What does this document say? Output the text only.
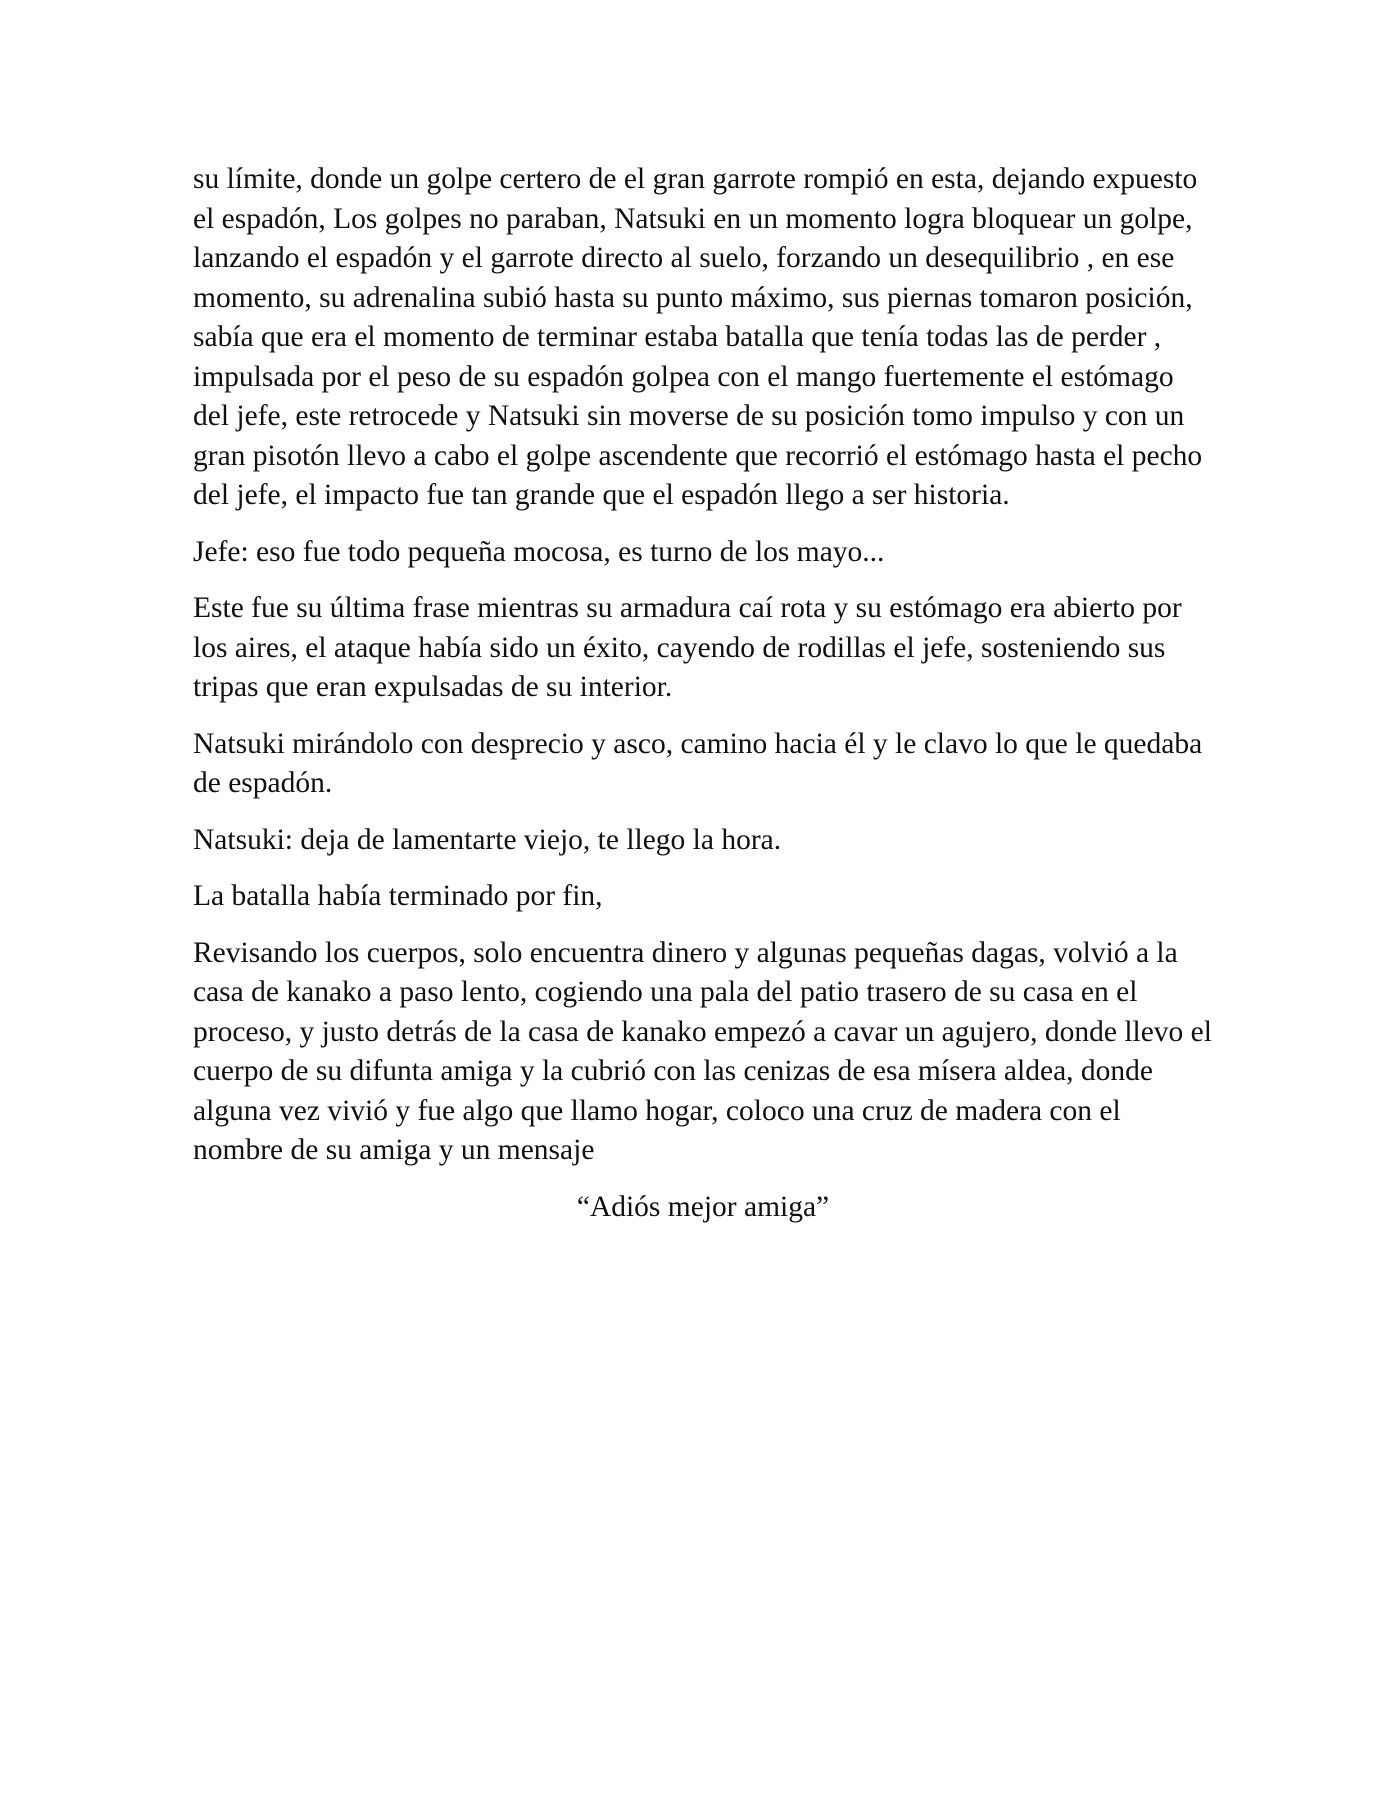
su límite, donde un golpe certero de el gran garrote rompió en esta, dejando expuesto el espadón, Los golpes no paraban, Natsuki en un momento logra bloquear un golpe, lanzando el espadón y el garrote directo al suelo, forzando un desequilibrio , en ese momento, su adrenalina subió hasta su punto máximo, sus piernas tomaron posición, sabía que era el momento de terminar estaba batalla que tenía todas las de perder , impulsada por el peso de su espadón golpea con el mango fuertemente el estómago del jefe, este retrocede y Natsuki sin moverse de su posición tomo impulso y con un gran pisotón llevo a cabo el golpe ascendente que recorrió el estómago hasta el pecho del jefe, el impacto fue tan grande que el espadón llego a ser historia.

Jefe: eso fue todo pequeña mocosa, es turno de los mayo...

Este fue su última frase mientras su armadura caí rota y su estómago era abierto por los aires, el ataque había sido un éxito, cayendo de rodillas el jefe, sosteniendo sus tripas que eran expulsadas de su interior.

Natsuki mirándolo con desprecio y asco, camino hacia él y le clavo lo que le quedaba de espadón.

Natsuki: deja de lamentarte viejo, te llego la hora.

La batalla había terminado por fin,

Revisando los cuerpos, solo encuentra dinero y algunas pequeñas dagas, volvió a la casa de kanako a paso lento, cogiendo una pala del patio trasero de su casa en el proceso, y justo detrás de la casa de kanako empezó a cavar un agujero, donde llevo el cuerpo de su difunta amiga y la cubrió con las cenizas de esa mísera aldea, donde alguna vez vivió y fue algo que llamo hogar, coloco una cruz de madera con el nombre de su amiga y un mensaje

“Adiós mejor amiga”
